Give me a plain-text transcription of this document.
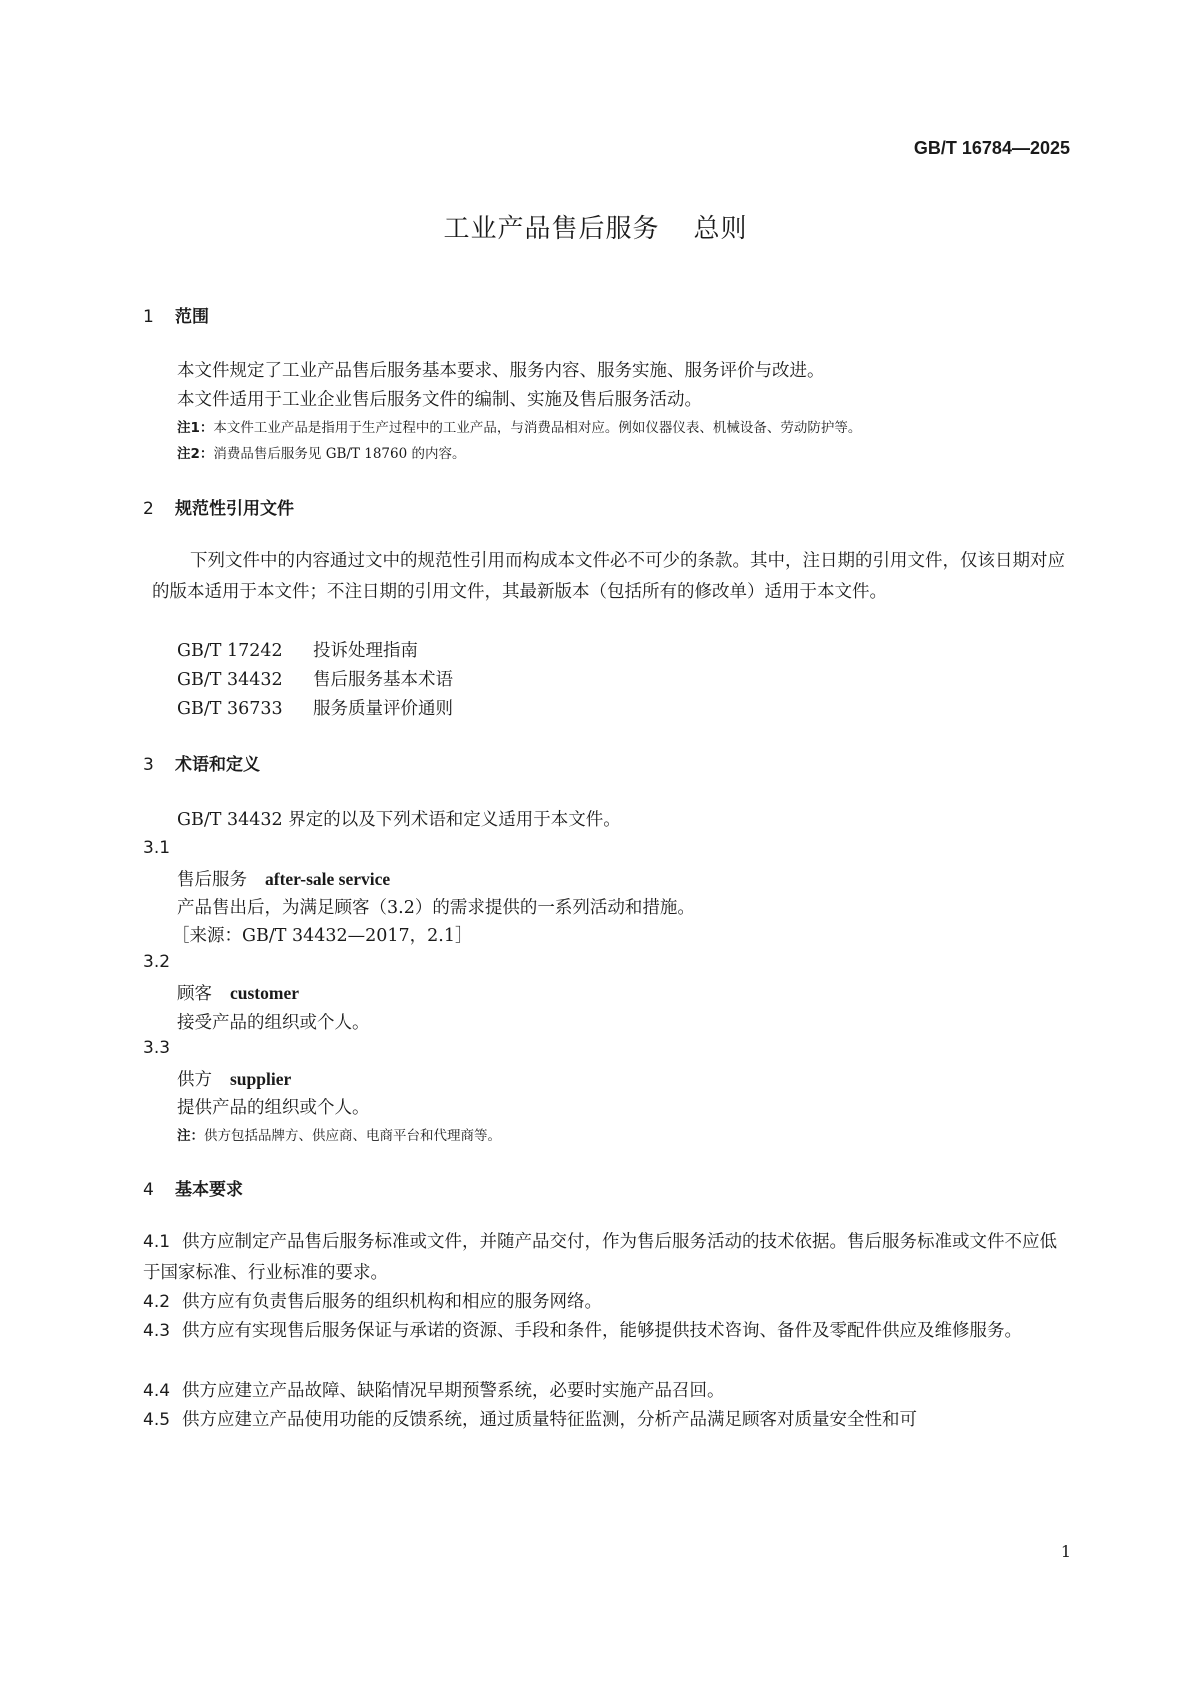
GB/T 16784—2025
工业产品售后服务 总则
1 范围
本文件规定了工业产品售后服务基本要求、服务内容、服务实施、服务评价与改进。
本文件适用于工业企业售后服务文件的编制、实施及售后服务活动。
注1：本文件工业产品是指用于生产过程中的工业产品，与消费品相对应。例如仪器仪表、机械设备、劳动防护等。
注2：消费品售后服务见 GB/T 18760 的内容。
2 规范性引用文件
下列文件中的内容通过文中的规范性引用而构成本文件必不可少的条款。其中，注日期的引用文件，仅该日期对应的版本适用于本文件；不注日期的引用文件，其最新版本（包括所有的修改单）适用于本文件。
GB/T 17242 投诉处理指南
GB/T 34432 售后服务基本术语
GB/T 36733 服务质量评价通则
3 术语和定义
GB/T 34432 界定的以及下列术语和定义适用于本文件。
3.1
售后服务 after-sale service
产品售出后，为满足顾客（3.2）的需求提供的一系列活动和措施。
［来源：GB/T 34432—2017，2.1］
3.2
顾客 customer
接受产品的组织或个人。
3.3
供方 supplier
提供产品的组织或个人。
注：供方包括品牌方、供应商、电商平台和代理商等。
4 基本要求
4.1 供方应制定产品售后服务标准或文件，并随产品交付，作为售后服务活动的技术依据。售后服务标准或文件不应低于国家标准、行业标准的要求。
4.2 供方应有负责售后服务的组织机构和相应的服务网络。
4.3 供方应有实现售后服务保证与承诺的资源、手段和条件，能够提供技术咨询、备件及零配件供应及维修服务。
4.4 供方应建立产品故障、缺陷情况早期预警系统，必要时实施产品召回。
4.5 供方应建立产品使用功能的反馈系统，通过质量特征监测，分析产品满足顾客对质量安全性和可
1
